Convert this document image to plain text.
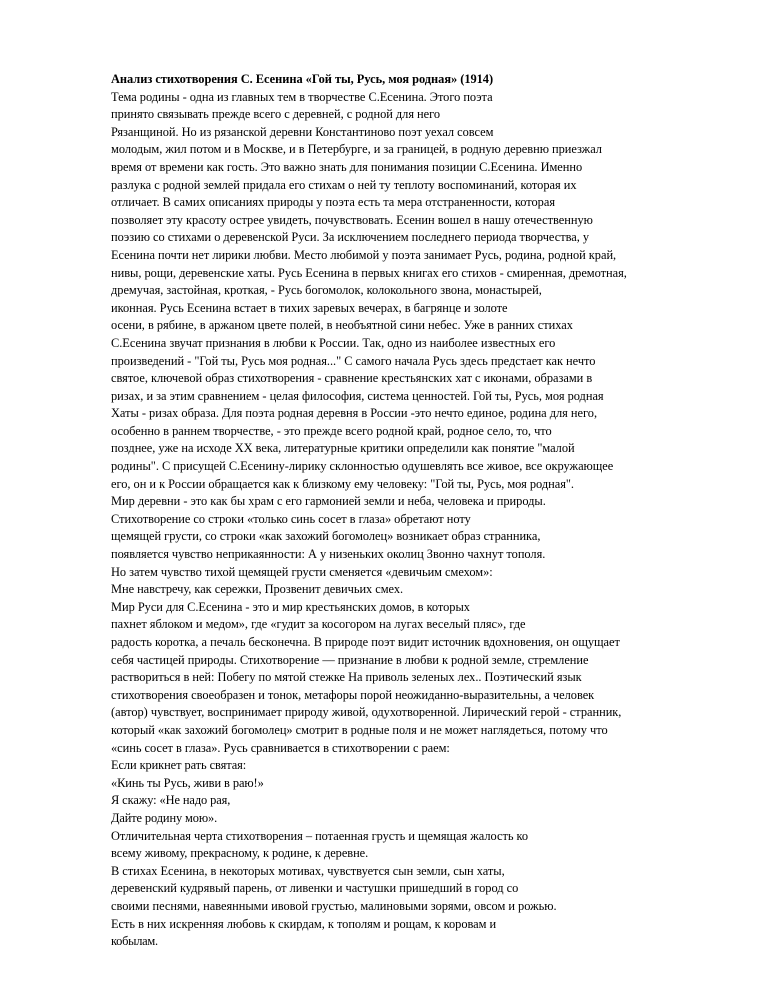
Анализ стихотворения С. Есенина «Гой ты, Русь, моя родная» (1914)
Тема родины - одна из главных тем в творчестве С.Есенина. Этого поэта
принято связывать прежде всего с деревней, с родной для него
Рязанщиной. Но из рязанской деревни Константиново поэт уехал совсем
молодым, жил потом и в Москве, и в Петербурге, и за границей, в родную деревню приезжал
время от времени как гость. Это важно знать для понимания позиции С.Есенина. Именно
разлука с родной землей придала его стихам о ней ту теплоту воспоминаний, которая их
отличает. В самих описаниях природы у поэта есть та мера отстраненности, которая
позволяет эту красоту острее увидеть, почувствовать. Есенин вошел в нашу отечественную
поэзию со стихами о деревенской Руси. За исключением последнего периода творчества, у
Есенина почти нет лирики любви. Место любимой у поэта занимает Русь, родина, родной край,
нивы, рощи, деревенские хаты. Русь Есенина в первых книгах его стихов - смиренная, дремотная,
дремучая, застойная, кроткая, - Русь богомолок, колокольного звона, монастырей,
иконная. Русь Есенина встает в тихих заревых вечерах, в багрянце и золоте
осени, в рябине, в аржаном цвете полей, в необъятной сини небес. Уже в ранних стихах
С.Есенина звучат признания в любви к России. Так, одно из наиболее известных его
произведений - "Гой ты, Русь моя родная..." С самого начала Русь здесь предстает как нечто
святое, ключевой образ стихотворения - сравнение крестьянских хат с иконами, образами в
ризах, и за этим сравнением - целая философия, система ценностей. Гой ты, Русь, моя родная
Хаты - ризах образа. Для поэта родная деревня в России -это нечто единое, родина для него,
особенно в раннем творчестве, - это прежде всего родной край, родное село, то, что
позднее, уже на исходе XX века, литературные критики определили как понятие "малой
родины". С присущей С.Есенину-лирику склонностью одушевлять все живое, все окружающее
его, он и к России обращается как к близкому ему человеку: "Гой ты, Русь, моя родная".
Мир деревни - это как бы храм с его гармонией земли и неба, человека и природы.
Стихотворение со строки «только синь сосет в глаза» обретают ноту
щемящей грусти, со строки «как захожий богомолец» возникает образ странника,
появляется чувство неприкаянности: А у низеньких околиц Звонно чахнут тополя.
Но затем чувство тихой щемящей грусти сменяется «девичьим смехом»:
Мне навстречу, как сережки, Прозвенит девичьих смех.
Мир Руси для С.Есенина - это и мир крестьянских домов, в которых
пахнет яблоком и медом», где «гудит за косогором на лугах веселый пляс», где
радость коротка, а печаль бесконечна. В природе поэт видит источник вдохновения, он ощущает
себя частицей природы. Стихотворение — признание в любви к родной земле, стремление
раствориться в ней: Побегу по мятой стежке На приволь зеленых лех.. Поэтический язык
стихотворения своеобразен и тонок, метафоры порой неожиданно-выразительны, а человек
(автор) чувствует, воспринимает природу живой, одухотворенной. Лирический герой - странник,
который «как захожий богомолец» смотрит в родные поля и не может наглядеться, потому что
«синь сосет в глаза». Русь сравнивается в стихотворении с раем:
Если крикнет рать святая:
«Кинь ты Русь, живи в раю!»
Я скажу: «Не надо рая,
Дайте родину мою».
Отличительная черта стихотворения – потаенная грусть и щемящая жалость ко
всему живому, прекрасному, к родине, к деревне.
В стихах Есенина, в некоторых мотивах, чувствуется сын земли, сын хаты,
деревенский кудрявый парень, от ливенки и частушки пришедший в город со
своими песнями, навеянными ивовой грустью, малиновыми зорями, овсом и рожью.
Есть в них искренняя любовь к скирдам, к тополям и рощам, к коровам и
кобылам.
